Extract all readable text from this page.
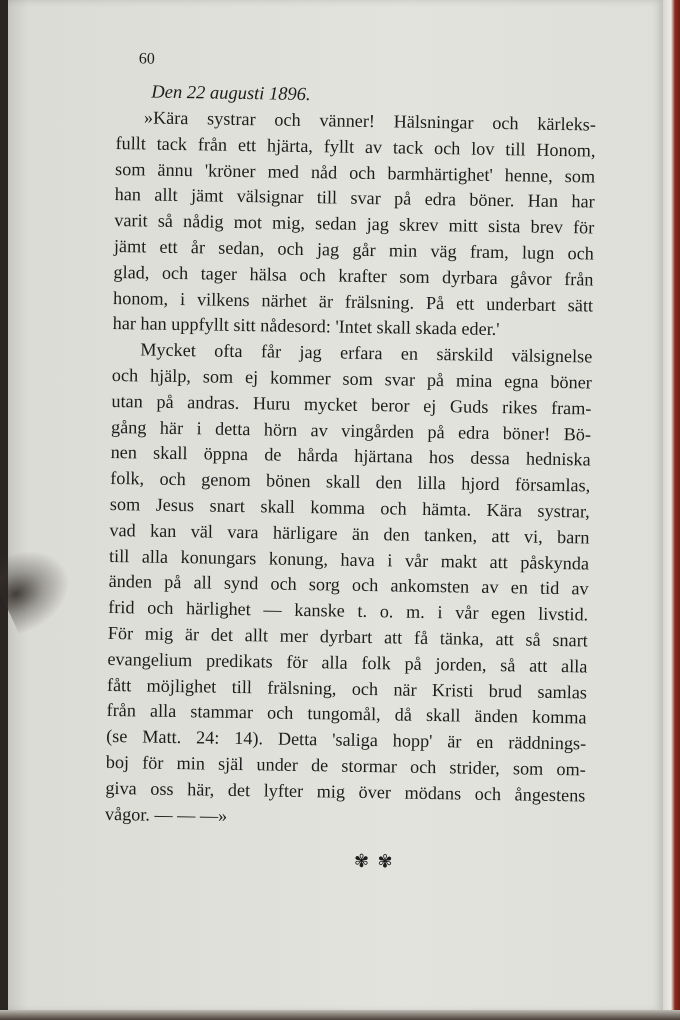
60
Den 22 augusti 1896.

»Kära systrar och vänner! Hälsningar och kärleks-
fullt tack från ett hjärta, fyllt av tack och lov till Honom,
som ännu 'kröner med nåd och barmhärtighet' henne, som
han allt jämt välsignar till svar på edra böner. Han har
varit så nådig mot mig, sedan jag skrev mitt sista brev för
jämt ett år sedan, och jag går min väg fram, lugn och
glad, och tager hälsa och krafter som dyrbara gåvor från
honom, i vilkens närhet är frälsning. På ett underbart sätt
har han uppfyllt sitt nådesord: 'Intet skall skada eder.'

Mycket ofta får jag erfara en särskild välsignelse
och hjälp, som ej kommer som svar på mina egna böner
utan på andras. Huru mycket beror ej Guds rikes fram-
gång här i detta hörn av vingården på edra böner! Bö-
nen skall öppna de hårda hjärtana hos dessa hedniska
folk, och genom bönen skall den lilla hjord församlas,
som Jesus snart skall komma och hämta. Kära systrar,
vad kan väl vara härligare än den tanken, att vi, barn
till alla konungars konung, hava i vår makt att påskynda
änden på all synd och sorg och ankomsten av en tid av
frid och härlighet — kanske t. o. m. i vår egen livstid.
För mig är det allt mer dyrbart att få tänka, att så snart
evangelium predikats för alla folk på jorden, så att alla
fått möjlighet till frälsning, och när Kristi brud samlas
från alla stammar och tungomål, då skall änden komma
(se Matt. 24: 14). Detta 'saliga hopp' är en räddnings-
boj för min själ under de stormar och strider, som om-
giva oss här, det lyfter mig över mödans och ångestens
vågor. — — —»

✾ ✾
